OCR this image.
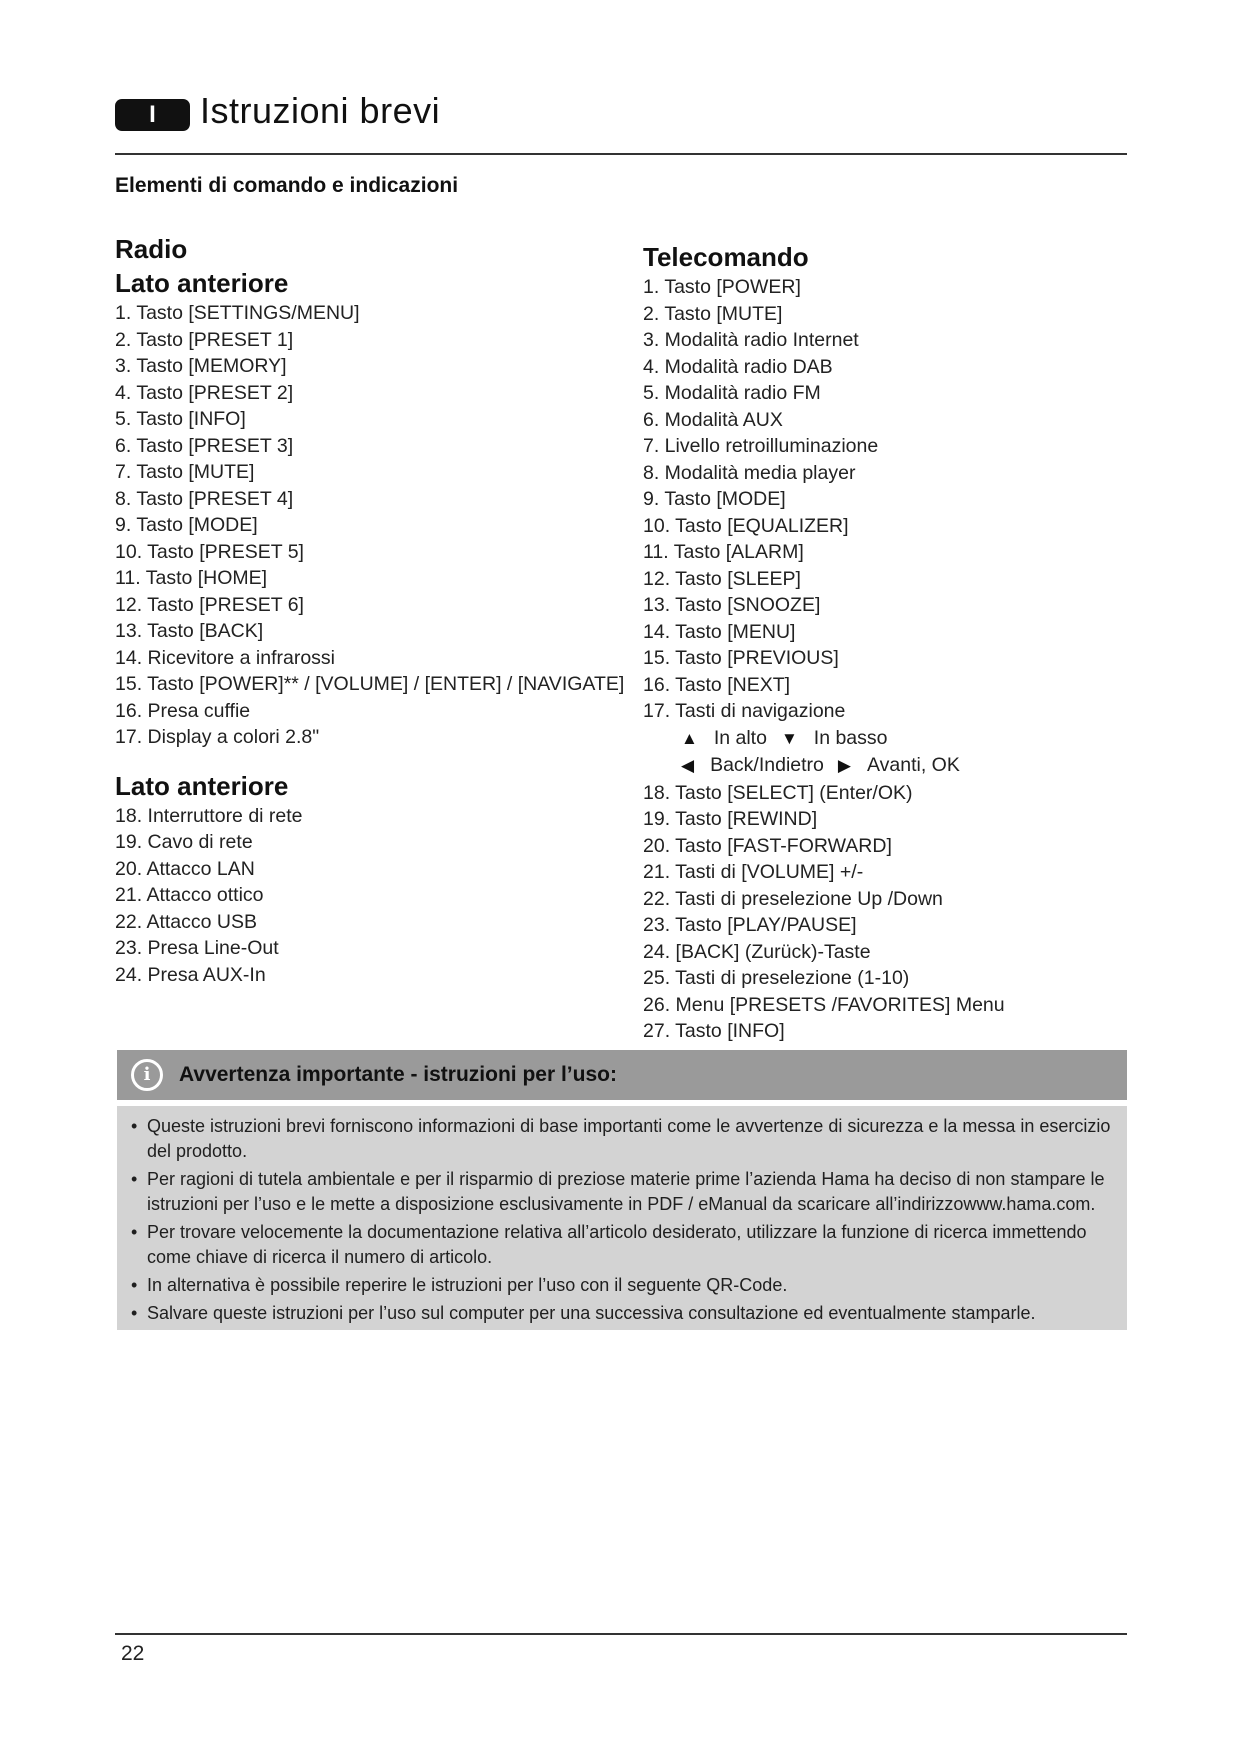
I	Istruzioni brevi
Elementi di comando e indicazioni
Radio
Lato anteriore
1. Tasto [SETTINGS/MENU]
2. Tasto [PRESET 1]
3. Tasto [MEMORY]
4. Tasto [PRESET 2]
5. Tasto [INFO]
6. Tasto [PRESET 3]
7. Tasto [MUTE]
8. Tasto [PRESET 4]
9. Tasto [MODE]
10. Tasto [PRESET 5]
11. Tasto [HOME]
12. Tasto [PRESET 6]
13. Tasto [BACK]
14. Ricevitore a infrarossi
15. Tasto [POWER]** / [VOLUME] / [ENTER] / [NAVIGATE]
16. Presa cuffie
17. Display a colori 2.8"
Lato anteriore
18. Interruttore di rete
19. Cavo di rete
20. Attacco LAN
21. Attacco ottico
22. Attacco USB
23. Presa Line-Out
24. Presa AUX-In
Telecomando
1. Tasto [POWER]
2. Tasto [MUTE]
3. Modalità radio Internet
4. Modalità radio DAB
5. Modalità radio FM
6. Modalità AUX
7. Livello retroilluminazione
8. Modalità media player
9. Tasto [MODE]
10. Tasto [EQUALIZER]
11. Tasto [ALARM]
12. Tasto [SLEEP]
13. Tasto [SNOOZE]
14. Tasto [MENU]
15. Tasto [PREVIOUS]
16. Tasto [NEXT]
17. Tasti di navigazione
▲ In alto ▼ In basso
◀ Back/Indietro ▶ Avanti, OK
18. Tasto [SELECT] (Enter/OK)
19. Tasto [REWIND]
20. Tasto [FAST-FORWARD]
21. Tasti di [VOLUME] +/-
22. Tasti di preselezione Up /Down
23. Tasto [PLAY/PAUSE]
24. [BACK] (Zurück)-Taste
25. Tasti di preselezione (1-10)
26. Menu [PRESETS /FAVORITES] Menu
27. Tasto [INFO]
i	Avvertenza importante - istruzioni per l’uso:
• Queste istruzioni brevi forniscono informazioni di base importanti come le avvertenze di sicurezza e la messa in esercizio del prodotto.
• Per ragioni di tutela ambientale e per il risparmio di preziose materie prime l’azienda Hama ha deciso di non stampare le istruzioni per l’uso e le mette a disposizione esclusivamente in PDF / eManual da scaricare all’indirizzowww.hama.com.
• Per trovare velocemente la documentazione relativa all’articolo desiderato, utilizzare la funzione di ricerca immettendo come chiave di ricerca il numero di articolo.
• In alternativa è possibile reperire le istruzioni per l’uso con il seguente QR-Code.
• Salvare queste istruzioni per l’uso sul computer per una successiva consultazione ed eventualmente stamparle.
22
